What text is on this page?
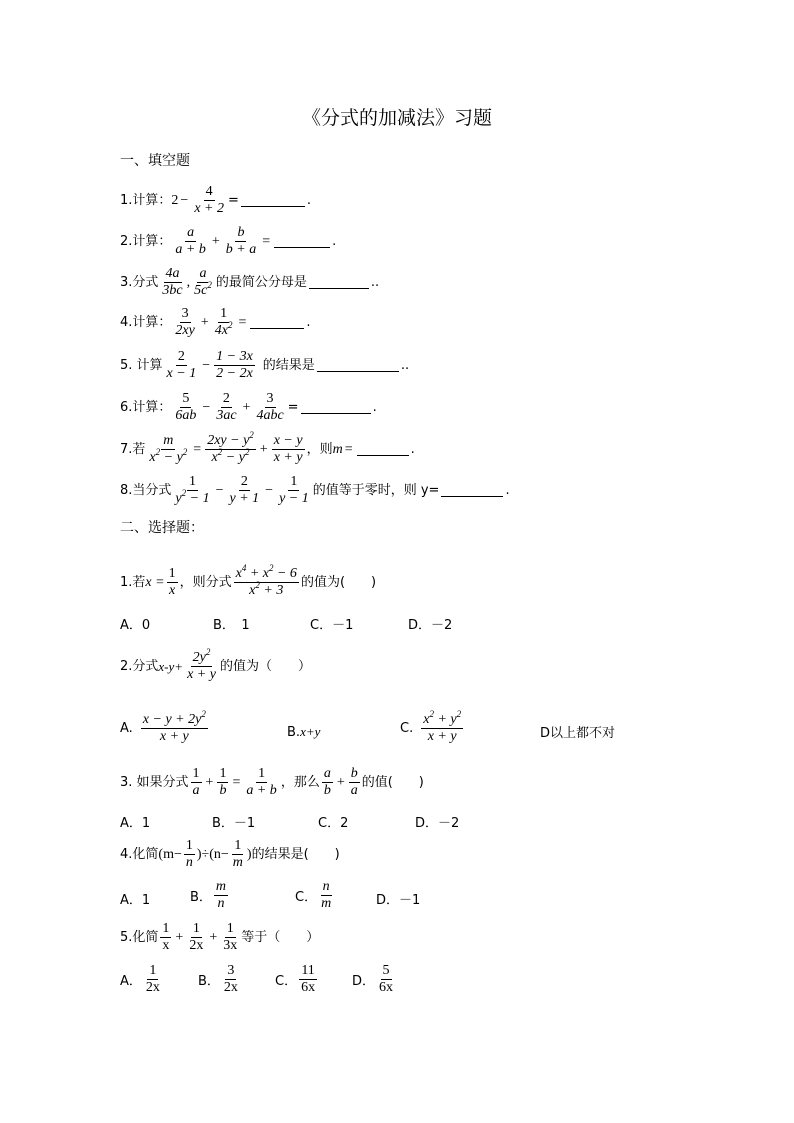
《分式的加减法》习题
一、填空题
1.计算： $2 - \frac{4}{x + 2}$ =	.
2.计算： $\frac{a}{a + b} + \frac{b}{b + a}$ =	.
3.分式 $\frac{4a}{3bc}$ , $\frac{a}{5c^2}$ 的最简公分母是	..
4.计算： $\frac{3}{2xy} + \frac{1}{4x^2}$ =	.
5. 计算 $\frac{2}{x - 1} - \frac{1 - 3x}{2 - 2x}$ 的结果是	..
6.计算： $\frac{5}{6ab} - \frac{2}{3ac} + \frac{3}{\text{4abc}}$ =	.
7.若 $\frac{m}{x^2 - y^2} = \frac{2xy - y^2}{x^2 - y^2} + \frac{x - y}{x + y}$ ，则 m =	.
8.当分式 $\frac{1}{y^2 - 1} - \frac{2}{y + 1} - \frac{1}{y - 1}$ 的值等于零时，则 y=	.
二、选择题：
1.若 $x = \frac{1}{x}$ ，则分式 $\frac{x^4 + x^2 - 6}{x^2 + 3}$ 的值为(　　)
A．0	B．　1	C．－1	D．－2
2.分式 $x-y+ \frac{2y^2}{x + y}$ 的值为（　　）
A. $\frac{x - y + 2y^2}{x + y}$	B. x+y	C. $\frac{x^2 + y^2}{x + y}$	D以上都不对
3. 如果分式 $\frac{1}{a} + \frac{1}{b} = \frac{1}{a + b}$ ，那么 $\frac{a}{b} + \frac{b}{a}$ 的值(　　)
A．1	B．－1	C．2	D．－2
4.化简 $(m- \frac{1}{n} )\div(n- \frac{1}{m}$ ) 的结果是(　　)
A．1	B． $\frac{m}{n}$	C． $\frac{n}{m}$	D．－1
5.化简 $\frac{1}{x} + \frac{1}{2x} + \frac{1}{3x}$ 等于（　　）
A． $\frac{1}{2x}$	B． $\frac{3}{2x}$	C． $\frac{11}{6x}$	D． $\frac{5}{6x}$
